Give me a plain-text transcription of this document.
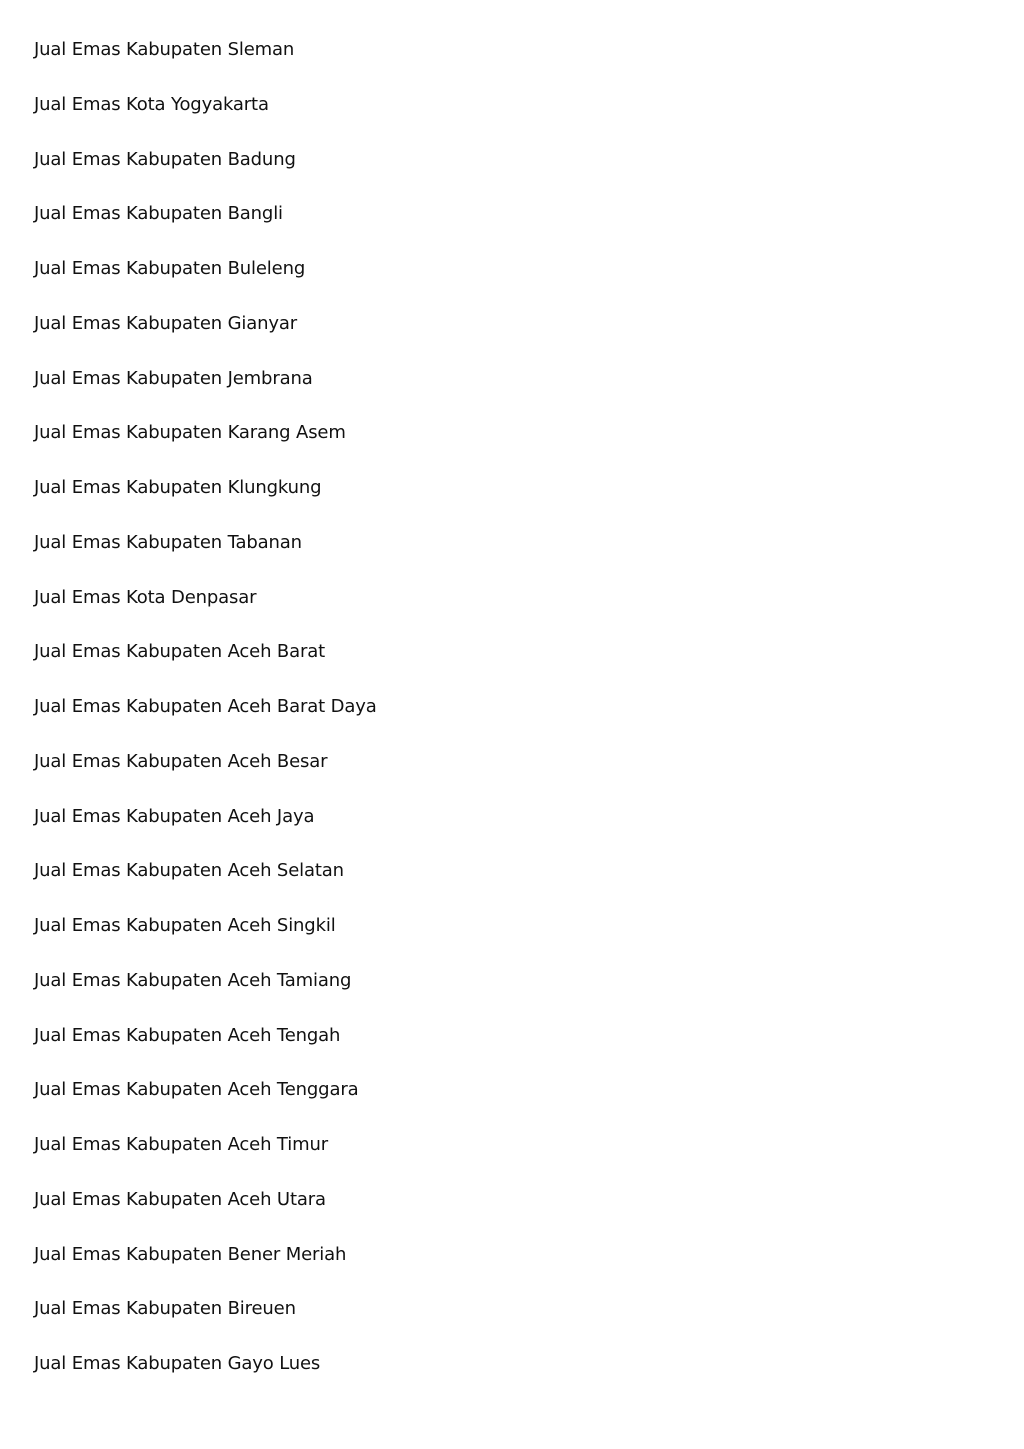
Jual Emas Kabupaten Sleman
Jual Emas Kota Yogyakarta
Jual Emas Kabupaten Badung
Jual Emas Kabupaten Bangli
Jual Emas Kabupaten Buleleng
Jual Emas Kabupaten Gianyar
Jual Emas Kabupaten Jembrana
Jual Emas Kabupaten Karang Asem
Jual Emas Kabupaten Klungkung
Jual Emas Kabupaten Tabanan
Jual Emas Kota Denpasar
Jual Emas Kabupaten Aceh Barat
Jual Emas Kabupaten Aceh Barat Daya
Jual Emas Kabupaten Aceh Besar
Jual Emas Kabupaten Aceh Jaya
Jual Emas Kabupaten Aceh Selatan
Jual Emas Kabupaten Aceh Singkil
Jual Emas Kabupaten Aceh Tamiang
Jual Emas Kabupaten Aceh Tengah
Jual Emas Kabupaten Aceh Tenggara
Jual Emas Kabupaten Aceh Timur
Jual Emas Kabupaten Aceh Utara
Jual Emas Kabupaten Bener Meriah
Jual Emas Kabupaten Bireuen
Jual Emas Kabupaten Gayo Lues
